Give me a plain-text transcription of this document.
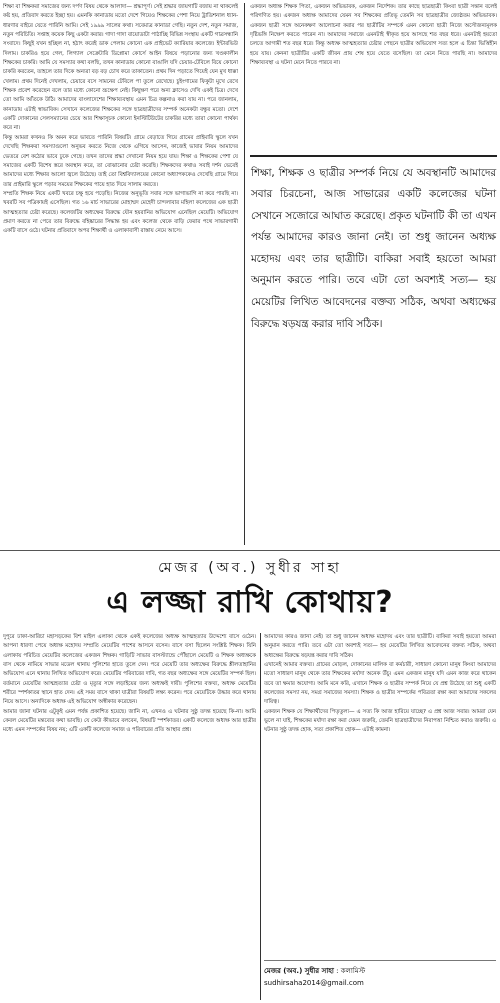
শিক্ষা বা শিক্ষকরা সমাজের জন্য দর্পণ বিষয় থেকে আলাদা— শ্রদ্ধাপূর্ণ। সেই শ্রদ্ধার জায়গাটি বজায় না থাকলেই কষ্ট হয়, প্রতিবাদ করতে ইচ্ছা হয়। এমনকি কানাডায় মতো দেশে গিয়েও শিক্ষকের পেশা নিয়ে ট্রাডিশনাল ধ্যান-ধারণার বাইরে যেতে পারিনি আমি। সেই ১৯৯৯ সালের কথা। সবেমাত্র কানাডা গেছি। নতুন দেশ, নতুন সমাজ, নতুন পরিচিতি। সপ্তাহ কয়েক কিছু একটা করার। গাদা গাদা বায়োডাটা পাঠাচ্ছি বিভিন্ন সংস্থায় একটি গাত্রসন্ধানি সংবাদে। কিছুই যখন হচ্ছিল না, হঠাৎ করেই ডাক পেলাম কোনো এক প্রাইভেট ক্যারিয়ার কলেজে। ইন্টারভিউ দিলাম। চাকরিও হয়ে গেল, লিগ্যাল সেক্রেটারি ডিপ্লোমা কোর্সে আইন বিষয়ে পড়ানোর জন্য খণ্ডকালীন শিক্ষকের চাকরি। আমি যে সমস্যার কথা বলছি, তখন কানাডায় কোনো বাঙালি যদি চেয়ার-টেবিলে বিয়ে কোনো চাকরি করতেন, তাহলে তার দিকে অন্যরা বড় বড় চোখ করে তাকাতেন। প্রথম দিন পড়াতে গিয়েই যেন মুখ ধাক্কা খেলাম। প্রথম দিনেই দেখলাম, চেয়ারে বসে সামনের টেবিলে পা তুলে রেখেছে। চুইংগামের ফিকুটা মুখে রেখে শিক্ষক প্রবেশ করেছেন বলে তার মধ্যে কোনো ভ্রূক্ষেপ নেই। কিছুক্ষণ পরে অন্য ক্লাসেও দেখি একই চিত্র। দেখে তো আমি আঁতকে উঠি। আমাদের বাংলাদেশের শিক্ষাব্যবস্থায় এমন চিত্র কল্পনাও করা যায় না। পরে জানলাম, কানাডায় এটাই স্বাভাবিক। সেখানে কলেজের শিক্ষকের সঙ্গে ছাত্রছাত্রীদের সম্পর্ক অনেকটা বন্ধুর মতো। দেশে একটি দোকানের সেলসম্যানের চেয়ে আর শিক্ষাসূচক কোনো ইনস্টিটিউটের চাকরির মধ্যে তারা কোনো পার্থক্য করে না।

কিন্তু আমরা কখনও কি অমন করে ভাবতে পারিনি বিষয়টি। গ্রামে বেড়াতে গিয়ে গ্রামের প্রাইমারি স্কুলে যখন দেখেছি শিক্ষকরা সমস্যাগুলো অনুভব করতে নিজে থেকে এগিয়ে আসেন, কাজেই ভাবার নিয়ম আমাদের ভেতরে বেশ কঠোর ভাবে ঢুকে গেছে। তখন তাদের শ্রদ্ধা দেখানো নিয়ম হয়ে যায়। শিক্ষা ও শিক্ষকের পেশা যে সমাজের একটি বিশেষ স্তরে অবস্থান করে, তা বোঝানোর চেষ্টা করেছি। শিক্ষকদের কথাও সবাই দর্শন ভেবেই আমাদের মধ্যে শিক্ষার আলো জ্বলে উঠেছে। তাই তো বিশ্ববিদ্যালয়ের কোনো অধ্যাপককেও দেখেছি গ্রামে গিয়ে তার প্রাইমারি স্কুলে পড়ার সময়ের শিক্ষকের পায়ে হাত দিয়ে সালাম করতে।

সম্প্রতি শিক্ষক নিয়ে একটি খবরে চক্ষু হয়ে পড়েছি। নিজের অনুভূতি সবার সঙ্গে ভাগাভাগি না করে পারছি না। খবরটি সব পত্রিকায়ই এসেছিল। গত ১৬ মার্চ সাভারের মোহাম্মদ মেহেদী চান্দলাবার মহিলা কলেজের এক ছাত্রী আত্মহত্যার চেষ্টা করেছে। কলেজটির অধ্যক্ষের বিরুদ্ধে যৌন হয়রানির অভিযোগ এনেছিল মেয়েটি। অভিযোগ প্রমাণ করতে না পেরে তার বিরুদ্ধে বহিষ্কারের সিদ্ধান্ত হয় এবং কলেজ থেকে বাড়ি ফেরার পথে সাভারগামী একটি বাসে ওঠে। ঘটনার প্রতিবাদে অপর শিক্ষার্থী ও এলাকাবাসী রাস্তায় নেমে আসে।

একজন অধ্যক্ষ শিক্ষক পিতা, একজন অভিভাবক, একজন নির্দেশক। তার কাছে ছাত্রছাত্রী কিংবা ছাত্রী সন্তান বলেই পরিগণিত হয়। একজন অধ্যক্ষ আমাদের যেমন সব শিক্ষকের প্রতিভূ তেমনি সব ছাত্রছাত্রীর জ্যেষ্ঠতম অভিভাবক। একজন ছাত্রী সঙ্গে অনেকক্ষণ আলোচনা করার পর ছাত্রীটির সম্পর্কে এমন কোনো ছাত্রী নিজে অসৌজন্যমূলক দৃষ্টিভঙ্গি নিক্ষেপ করতে পারেন না। আমাদের সমাজে এমনটাই স্বীকৃত হয়ে আসছে শত বছর ধরে। এমনটাই হয়তো চলতে আগামী শত বছর ধরে। কিন্তু অধ্যক্ষ আত্মহত্যার চেষ্টার পেছনে ছাত্রীর অভিযোগ সত্য হলে এ চিন্তা ভিত্তিহীন হয়ে যায়। কেননা ছাত্রীটির একটি জীবন প্রায় শেষ হয়ে যেতে বসেছিল। তা মেনে নিতে পারছি না। আমাদের শিক্ষাব্যবস্থা এ ঘটনা মেনে নিতে পারবে না।

শিক্ষা, শিক্ষক ও ছাত্রীর সম্পর্ক নিয়ে যে অবস্থানটি আমাদের সবার চিরচেনা, আজ সাভারের একটি কলেজের ঘটনা সেখানে সজোরে আঘাত করেছে। প্রকৃত ঘটনাটি কী তা এখন পর্যন্ত আমাদের কারও জানা নেই। তা শুধু জানেন অধ্যক্ষ মহোদয় এবং তার ছাত্রীটি। বাকিরা সবাই হয়তো আমরা অনুমান করতে পারি। তবে এটা তো অবশ্যই সত্য— হয় মেয়েটির লিখিত আবেদনের বক্তব্য সঠিক, অথবা অধ্যক্ষের বিরুদ্ধে ষড়যন্ত্র করার দাবি সঠিক।
মেজর (অব.) সুধীর সাহা
এ লজ্জা রাখি কোথায়?

দুপুরে ঢাকা-আরিচা মহাসড়কের বিশ মাইল এলাকা থেকে একই কলেজের অধ্যক্ষ আত্মহত্যার উদ্দেশ্যে বাসে ওঠেন। আপনা ধারণা পেয়ে অধ্যক্ষ মহোদয় সম্প্রতি মেয়েটির পাশের আসনে বসেন। বাসে বসা ছিলেন সংশ্লিষ্ট শিক্ষক। যিনি এলাকায় পরিচিত মেয়েটির কলেজের একজন শিক্ষক। গাড়িটি সাভার বাসস্ট্যান্ডে পৌঁছালে মেয়েটি ও শিক্ষক অধ্যক্ষকে বাস থেকে নামিয়ে সাভার মডেল থানায় পুলিশের হাতে তুলে দেন। পরে মেয়েটি তার অধ্যক্ষের বিরুদ্ধে শ্লীলতাহানির অভিযোগ এনে থানায় লিখিত অভিযোগ করে। মেয়েটির পরিবারের দাবি, গত বছর অধ্যক্ষের সঙ্গে মেয়েটির সম্পর্ক ছিল। বর্তমানে মেয়েটির আত্মহত্যার চেষ্টা ও মৃত্যুর সঙ্গে লড়াইয়ের জন্য অধ্যক্ষই দায়ী। পুলিশের বক্তব্য, অধ্যক্ষ মেয়েটির শরীরে স্পর্শকাতর স্থানে হাত দেন। এই সময় বাসে থাকা যাত্রীরা বিষয়টি লক্ষ্য করেন। পরে মেয়েটিকে উদ্ধার করে থানায় নিয়ে আসে। অন্যদিকে অধ্যক্ষ এই অভিযোগ অস্বীকার করেছেন।

আমার জানা ঘটনার এটুকুই এমন পর্যন্ত প্রকাশিত হয়েছে। জানি না, এখনও এ ঘটনার সুষ্ঠু তদন্ত হয়েছে কি-না। আমি কেবল মেয়েটির মন্তব্যের কথা ভাবছি। যে কেউ কীভাবে বলবেন, বিষয়টি স্পর্শকাতর। একটি কলেজে অধ্যক্ষ আর ছাত্রীর মধ্যে এমন সম্পর্কের বিষয় নয়; এটি একটি কলেজে সমাজ ও পরিবারের প্রতি আস্থার প্রশ্ন।

আমাদের কারও জানা নেই। তা শুধু জানেন অধ্যক্ষ মহোদয় এবং তার ছাত্রীটি। বাকিরা সবাই হয়তো আমরা অনুমান করতে পারি। তবে এটা তো অবশ্যই সত্য— হয় মেয়েটির লিখিত আবেদনের বক্তব্য সঠিক, অথবা অধ্যক্ষের বিরুদ্ধে ষড়যন্ত্র করার দাবি সঠিক।

এখানেই আমার বক্তব্য। গ্রামের মোড়ল, দোকানের মালিক বা কর্মচারী, সাধারণ কোনো মানুষ কিংবা আমাদের মতো সাধারণ মানুষ থেকে তার শিক্ষকের মর্যাদা অনেক উঁচু। এমন একজন মানুষ যদি এমন কাজ করে থাকেন তবে তা ক্ষমার অযোগ্য। আমি মনে করি, এখানে শিক্ষক ও ছাত্রীর সম্পর্ক নিয়ে যে প্রশ্ন উঠেছে তা শুধু একটি কলেজের সমস্যা নয়, সমগ্র সমাজের সমস্যা। শিক্ষক ও ছাত্রীর সম্পর্কের পবিত্রতা রক্ষা করা আমাদের সকলের দায়িত্ব।

একজন শিক্ষক যে শিক্ষার্থীদের পিতৃতুল্য— এ সত্য কি আজ হারিয়ে যাচ্ছে? এ প্রশ্ন আজ সবার। আমরা যেন ভুলে না যাই, শিক্ষকের মর্যাদা রক্ষা করা যেমন জরুরি, তেমনি ছাত্রছাত্রীদের নিরাপত্তা নিশ্চিত করাও জরুরি। এ ঘটনার সুষ্ঠু তদন্ত হোক, সত্য প্রকাশিত হোক— এটাই কামনা।

মেজর (অব.) সুধীর সাহা : কলামিস্ট
sudhirsaha2014@gmail.com
